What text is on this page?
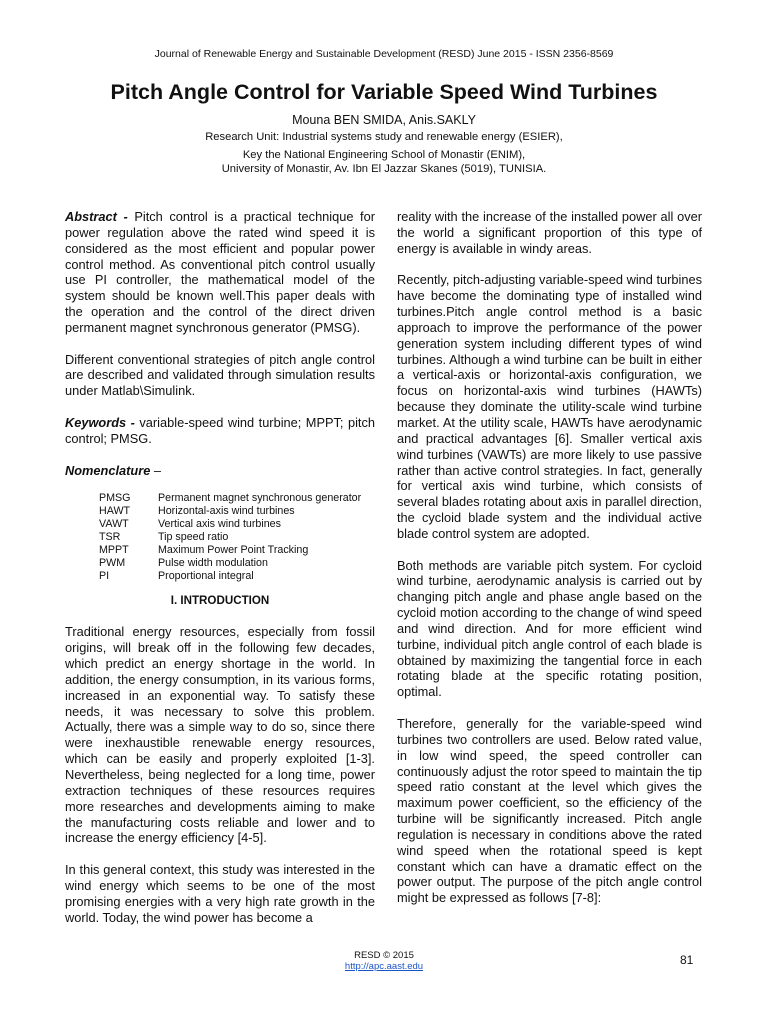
Journal of Renewable Energy and Sustainable Development (RESD) June 2015 - ISSN 2356-8569
Pitch Angle Control for Variable Speed Wind Turbines
Mouna BEN SMIDA, Anis.SAKLY
Research Unit: Industrial systems study and renewable energy (ESIER),
Key the National Engineering School of Monastir (ENIM),
University of Monastir, Av. Ibn El Jazzar Skanes (5019), TUNISIA.

Abstract - Pitch control is a practical technique for power regulation above the rated wind speed it is considered as the most efficient and popular power control method. As conventional pitch control usually use PI controller, the mathematical model of the system should be known well.This paper deals with the operation and the control of the direct driven permanent magnet synchronous generator (PMSG).

Different conventional strategies of pitch angle control are described and validated through simulation results under Matlab\Simulink.

Keywords - variable-speed wind turbine; MPPT; pitch control; PMSG.

Nomenclature –
PMSG	Permanent magnet synchronous generator
HAWT	Horizontal-axis wind turbines
VAWT	Vertical axis wind turbines
TSR	Tip speed ratio
MPPT	Maximum Power Point Tracking
PWM	Pulse width modulation
PI	Proportional integral
I. INTRODUCTION

Traditional energy resources, especially from fossil origins, will break off in the following few decades, which predict an energy shortage in the world. In addition, the energy consumption, in its various forms, increased in an exponential way. To satisfy these needs, it was necessary to solve this problem. Actually, there was a simple way to do so, since there were inexhaustible renewable energy resources, which can be easily and properly exploited [1-3]. Nevertheless, being neglected for a long time, power extraction techniques of these resources requires more researches and developments aiming to make the manufacturing costs reliable and lower and to increase the energy efficiency [4-5].

In this general context, this study was interested in the wind energy which seems to be one of the most promising energies with a very high rate growth in the world. Today, the wind power has become a

reality with the increase of the installed power all over the world a significant proportion of this type of energy is available in windy areas.

Recently, pitch-adjusting variable-speed wind turbines have become the dominating type of installed wind turbines.Pitch angle control method is a basic approach to improve the performance of the power generation system including different types of wind turbines. Although a wind turbine can be built in either a vertical-axis or horizontal-axis configuration, we focus on horizontal-axis wind turbines (HAWTs) because they dominate the utility-scale wind turbine market. At the utility scale, HAWTs have aerodynamic and practical advantages [6]. Smaller vertical axis wind turbines (VAWTs) are more likely to use passive rather than active control strategies. In fact, generally for vertical axis wind turbine, which consists of several blades rotating about axis in parallel direction, the cycloid blade system and the individual active blade control system are adopted.

Both methods are variable pitch system. For cycloid wind turbine, aerodynamic analysis is carried out by changing pitch angle and phase angle based on the cycloid motion according to the change of wind speed and wind direction. And for more efficient wind turbine, individual pitch angle control of each blade is obtained by maximizing the tangential force in each rotating blade at the specific rotating position, optimal.

Therefore, generally for the variable-speed wind turbines two controllers are used. Below rated value, in low wind speed, the speed controller can continuously adjust the rotor speed to maintain the tip speed ratio constant at the level which gives the maximum power coefficient, so the efficiency of the turbine will be significantly increased. Pitch angle regulation is necessary in conditions above the rated wind speed when the rotational speed is kept constant which can have a dramatic effect on the power output. The purpose of the pitch angle control might be expressed as follows [7-8]:

RESD © 2015
http://apc.aast.edu	81
